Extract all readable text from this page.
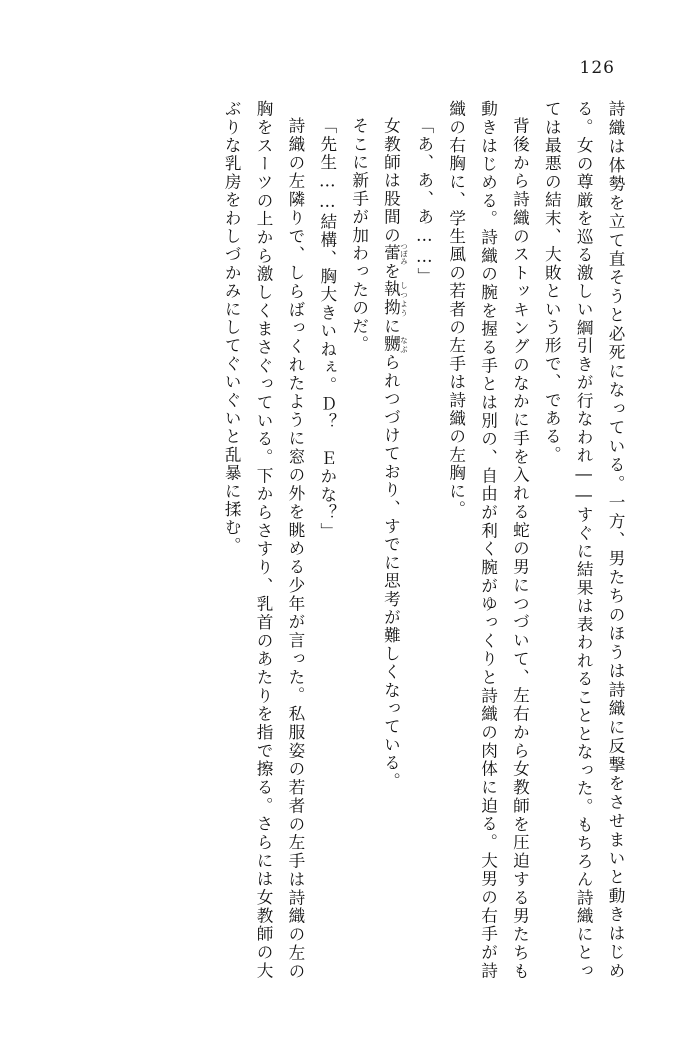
126

詩織は体勢を立て直そうと必死になっている。一方、男たちのほうは詩織に反撃をさせまいと動きはじめる。女の尊厳を巡る激しい綱引きが行なわれ――すぐに結果は表われることとなった。もちろん詩織にとっては最悪の結末、大敗という形で、である。

背後から詩織のストッキングのなかに手を入れる蛇の男につづいて、左右から女教師を圧迫する男たちも動きはじめる。詩織の腕を握る手とは別の、自由が利く腕がゆっくりと詩織の肉体に迫る。大男の右手が詩織の右胸に、学生風の若者の左手は詩織の左胸に。

「あ、あ、あ……」

女教師は股間の蕾 つぼみを執拗 しつように嬲 なぶられつづけており、すでに思考が難しくなっている。

そこに新手が加わったのだ。

「先生……結構、胸大きいねぇ。Ｄ？　Ｅかな？」

詩織の左隣りで、しらばっくれたように窓の外を眺める少年が言った。私服姿の若者の左手は詩織の左の胸をスーツの上から激しくまさぐっている。下からさすり、乳首のあたりを指で擦る。さらには女教師の大ぶりな乳房をわしづかみにしてぐいぐいと乱暴に揉む。
